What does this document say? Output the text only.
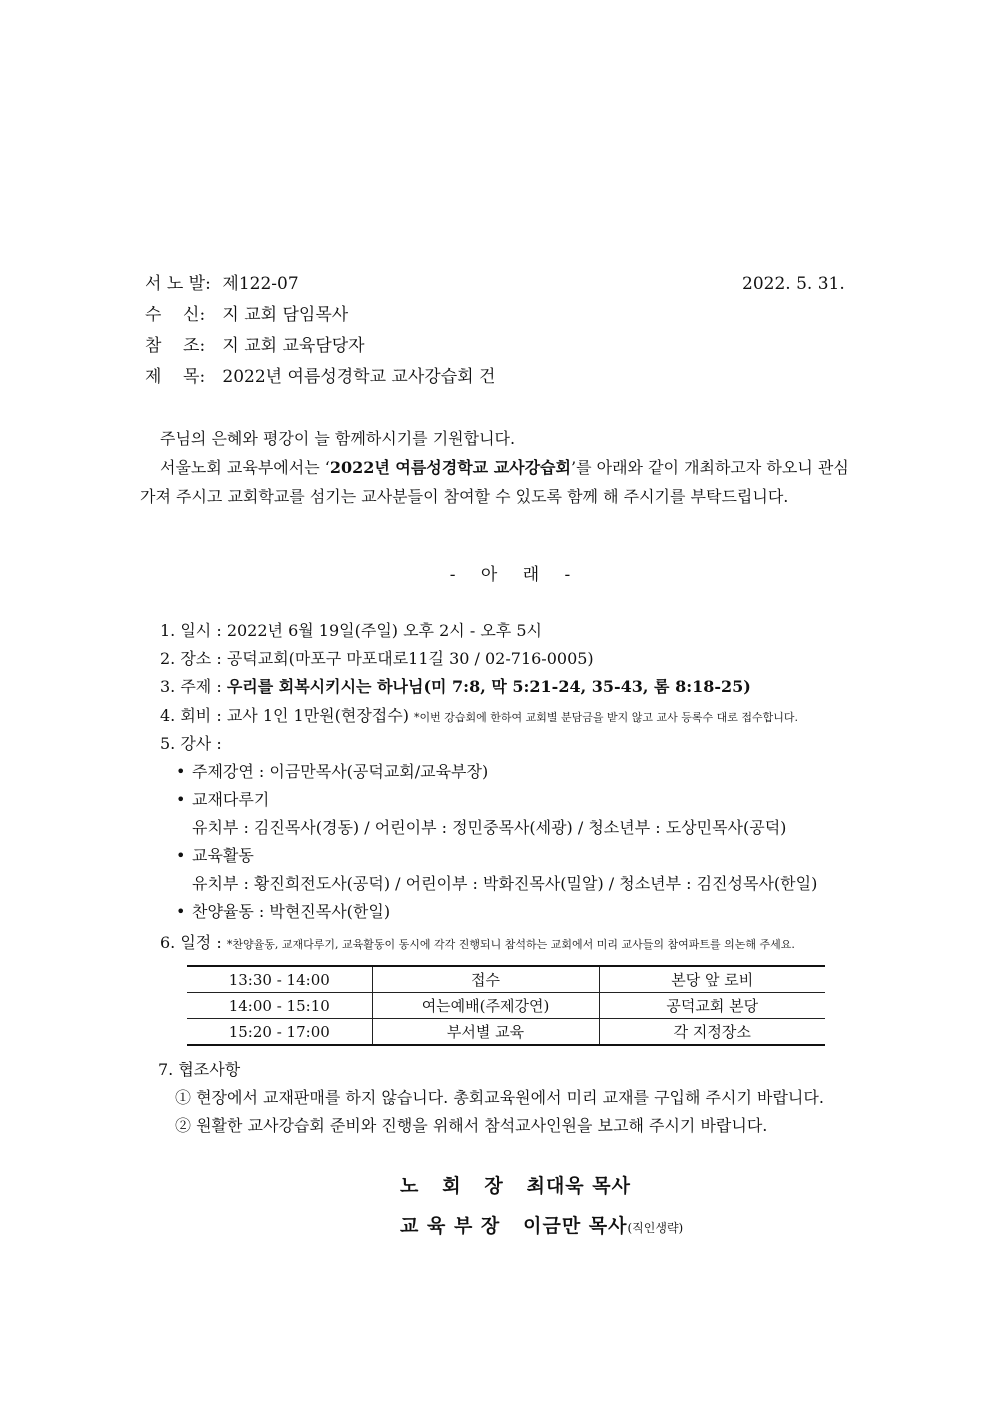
서 노 발: 제122-07	2022. 5. 31.
수    신: 지 교회 담임목사
참    조: 지 교회 교육담당자
제    목: 2022년 여름성경학교 교사강습회 건
주님의 은혜와 평강이 늘 함께하시기를 기원합니다.
서울노회 교육부에서는 ‘2022년 여름성경학교 교사강습회’를 아래와 같이 개최하고자 하오니 관심
가져 주시고 교회학교를 섬기는 교사분들이 참여할 수 있도록 함께 해 주시기를 부탁드립니다.
- 아 래 -
1. 일시 : 2022년 6월 19일(주일) 오후 2시 - 오후 5시
2. 장소 : 공덕교회(마포구 마포대로11길 30 / 02-716-0005)
3. 주제 : 우리를 회복시키시는 하나님(미 7:8, 막 5:21-24, 35-43, 롬 8:18-25)
4. 회비 : 교사 1인 1만원(현장접수) *이번 강습회에 한하여 교회별 분담금을 받지 않고 교사 등록수 대로 접수합니다.
5. 강사 :
• 주제강연 : 이금만목사(공덕교회/교육부장)
• 교재다루기
유치부 : 김진목사(경동) / 어린이부 : 정민중목사(세광) / 청소년부 : 도상민목사(공덕)
• 교육활동
유치부 : 황진희전도사(공덕) / 어린이부 : 박화진목사(밀알) / 청소년부 : 김진성목사(한일)
• 찬양율동 : 박현진목사(한일)
6. 일정 : *찬양율동, 교재다루기, 교육활동이 동시에 각각 진행되니 참석하는 교회에서 미리 교사들의 참여파트를 의논해 주세요.
13:30 - 14:00	접수	본당 앞 로비
14:00 - 15:10	여는예배(주제강연)	공덕교회 본당
15:20 - 17:00	부서별 교육	각 지정장소
7. 협조사항
① 현장에서 교재판매를 하지 않습니다. 총회교육원에서 미리 교재를 구입해 주시기 바랍니다.
② 원활한 교사강습회 준비와 진행을 위해서 참석교사인원을 보고해 주시기 바랍니다.
노   회   장   최대욱 목사
교 육 부 장   이금만 목사(직인생략)
